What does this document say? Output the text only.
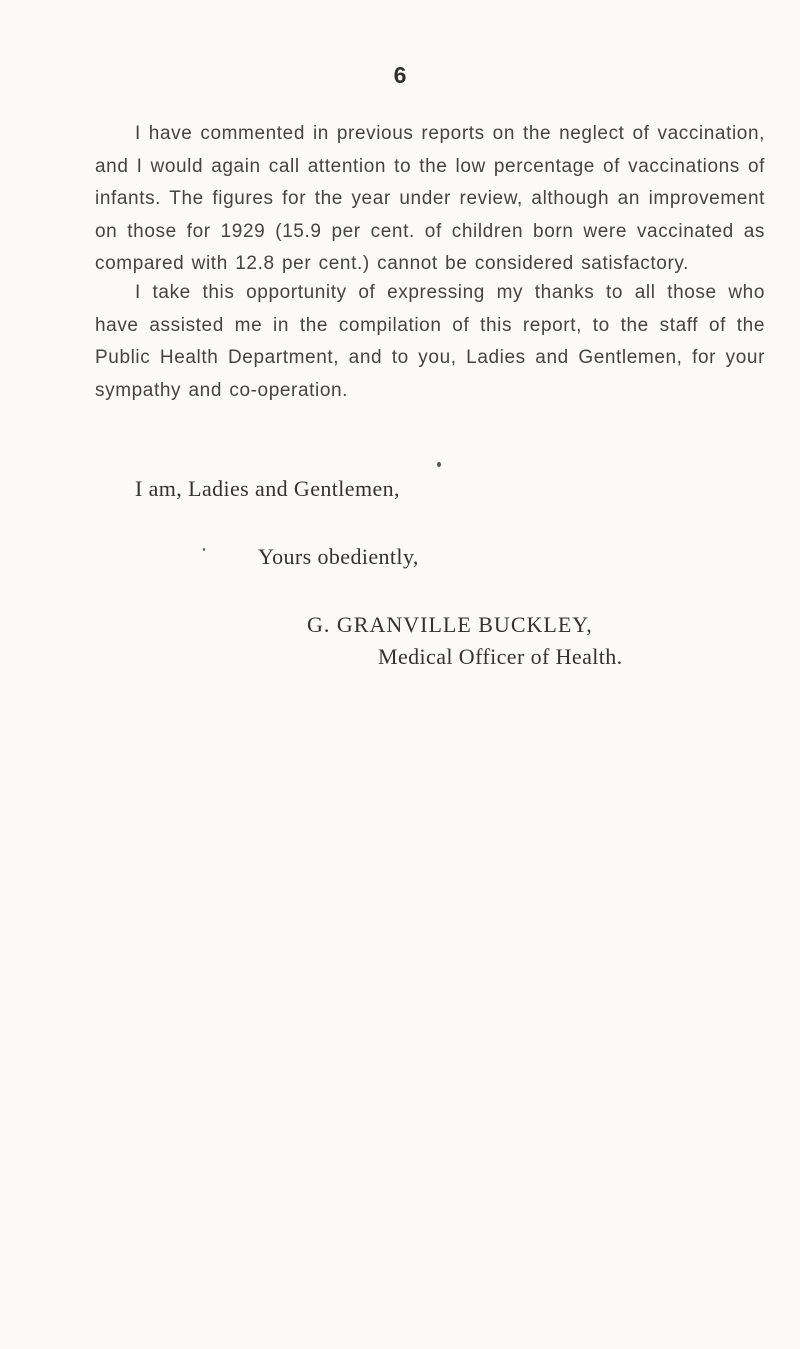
6

I have commented in previous reports on the neglect of vaccination, and I would again call attention to the low percentage of vaccinations of infants. The figures for the year under review, although an improvement on those for 1929 (15.9 per cent. of children born were vaccinated as compared with 12.8 per cent.) cannot be considered satisfactory.

I take this opportunity of expressing my thanks to all those who have assisted me in the compilation of this report, to the staff of the Public Health Department, and to you, Ladies and Gentlemen, for your sympathy and co-operation.

I am, Ladies and Gentlemen,
Yours obediently,
G. GRANVILLE BUCKLEY,
Medical Officer of Health.
